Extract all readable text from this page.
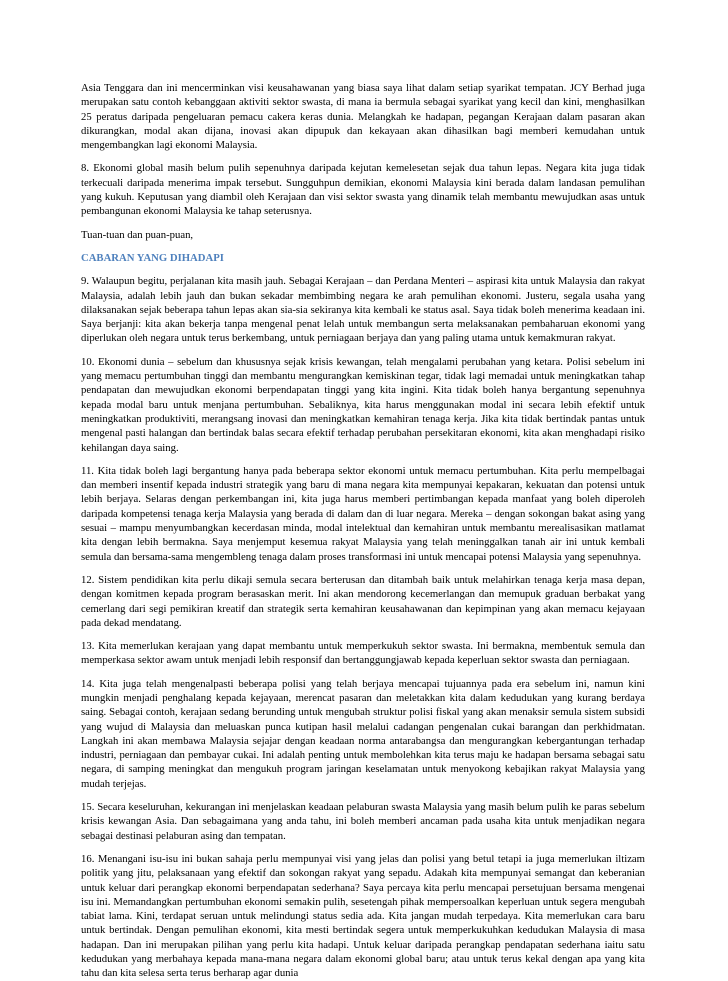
Asia Tenggara dan ini mencerminkan visi keusahawanan yang biasa saya lihat dalam setiap syarikat tempatan. JCY Berhad juga merupakan satu contoh kebanggaan aktiviti sektor swasta, di mana ia bermula sebagai syarikat yang kecil dan kini, menghasilkan 25 peratus daripada pengeluaran pemacu cakera keras dunia. Melangkah ke hadapan, pegangan Kerajaan dalam pasaran akan dikurangkan, modal akan dijana, inovasi akan dipupuk dan kekayaan akan dihasilkan bagi memberi kemudahan untuk mengembangkan lagi ekonomi Malaysia.

8. Ekonomi global masih belum pulih sepenuhnya daripada kejutan kemelesetan sejak dua tahun lepas. Negara kita juga tidak terkecuali daripada menerima impak tersebut. Sungguhpun demikian, ekonomi Malaysia kini berada dalam landasan pemulihan yang kukuh. Keputusan yang diambil oleh Kerajaan dan visi sektor swasta yang dinamik telah membantu mewujudkan asas untuk pembangunan ekonomi Malaysia ke tahap seterusnya.

Tuan-tuan dan puan-puan,

CABARAN YANG DIHADAPI

9. Walaupun begitu, perjalanan kita masih jauh. Sebagai Kerajaan – dan Perdana Menteri – aspirasi kita untuk Malaysia dan rakyat Malaysia, adalah lebih jauh dan bukan sekadar membimbing negara ke arah pemulihan ekonomi. Justeru, segala usaha yang dilaksanakan sejak beberapa tahun lepas akan sia-sia sekiranya kita kembali ke status asal. Saya tidak boleh menerima keadaan ini. Saya berjanji: kita akan bekerja tanpa mengenal penat lelah untuk membangun serta melaksanakan pembaharuan ekonomi yang diperlukan oleh negara untuk terus berkembang, untuk perniagaan berjaya dan yang paling utama untuk kemakmuran rakyat.

10. Ekonomi dunia – sebelum dan khususnya sejak krisis kewangan, telah mengalami perubahan yang ketara. Polisi sebelum ini yang memacu pertumbuhan tinggi dan membantu mengurangkan kemiskinan tegar, tidak lagi memadai untuk meningkatkan tahap pendapatan dan mewujudkan ekonomi berpendapatan tinggi yang kita ingini. Kita tidak boleh hanya bergantung sepenuhnya kepada modal baru untuk menjana pertumbuhan. Sebaliknya, kita harus menggunakan modal ini secara lebih efektif untuk meningkatkan produktiviti, merangsang inovasi dan meningkatkan kemahiran tenaga kerja. Jika kita tidak bertindak pantas untuk mengenal pasti halangan dan bertindak balas secara efektif terhadap perubahan persekitaran ekonomi, kita akan menghadapi risiko kehilangan daya saing.

11. Kita tidak boleh lagi bergantung hanya pada beberapa sektor ekonomi untuk memacu pertumbuhan. Kita perlu mempelbagai dan memberi insentif kepada industri strategik yang baru di mana negara kita mempunyai kepakaran, kekuatan dan potensi untuk lebih berjaya. Selaras dengan perkembangan ini, kita juga harus memberi pertimbangan kepada manfaat yang boleh diperoleh daripada kompetensi tenaga kerja Malaysia yang berada di dalam dan di luar negara. Mereka – dengan sokongan bakat asing yang sesuai – mampu menyumbangkan kecerdasan minda, modal intelektual dan kemahiran untuk membantu merealisasikan matlamat kita dengan lebih bermakna. Saya menjemput kesemua rakyat Malaysia yang telah meninggalkan tanah air ini untuk kembali semula dan bersama-sama mengembleng tenaga dalam proses transformasi ini untuk mencapai potensi Malaysia yang sepenuhnya.

12. Sistem pendidikan kita perlu dikaji semula secara berterusan dan ditambah baik untuk melahirkan tenaga kerja masa depan, dengan komitmen kepada program berasaskan merit. Ini akan mendorong kecemerlangan dan memupuk graduan berbakat yang cemerlang dari segi pemikiran kreatif dan strategik serta kemahiran keusahawanan dan kepimpinan yang akan memacu kejayaan pada dekad mendatang.

13. Kita memerlukan kerajaan yang dapat membantu untuk memperkukuh sektor swasta. Ini bermakna, membentuk semula dan memperkasa sektor awam untuk menjadi lebih responsif dan bertanggungjawab kepada keperluan sektor swasta dan perniagaan.

14. Kita juga telah mengenalpasti beberapa polisi yang telah berjaya mencapai tujuannya pada era sebelum ini, namun kini mungkin menjadi penghalang kepada kejayaan, merencat pasaran dan meletakkan kita dalam kedudukan yang kurang berdaya saing. Sebagai contoh, kerajaan sedang berunding untuk mengubah struktur polisi fiskal yang akan menaksir semula sistem subsidi yang wujud di Malaysia dan meluaskan punca kutipan hasil melalui cadangan pengenalan cukai barangan dan perkhidmatan. Langkah ini akan membawa Malaysia sejajar dengan keadaan norma antarabangsa dan mengurangkan kebergantungan terhadap industri, perniagaan dan pembayar cukai. Ini adalah penting untuk membolehkan kita terus maju ke hadapan bersama sebagai satu negara, di samping meningkat dan mengukuh program jaringan keselamatan untuk menyokong kebajikan rakyat Malaysia yang mudah terjejas.

15. Secara keseluruhan, kekurangan ini menjelaskan keadaan pelaburan swasta Malaysia yang masih belum pulih ke paras sebelum krisis kewangan Asia. Dan sebagaimana yang anda tahu, ini boleh memberi ancaman pada usaha kita untuk menjadikan negara sebagai destinasi pelaburan asing dan tempatan.

16. Menangani isu-isu ini bukan sahaja perlu mempunyai visi yang jelas dan polisi yang betul tetapi ia juga memerlukan iltizam politik yang jitu, pelaksanaan yang efektif dan sokongan rakyat yang sepadu. Adakah kita mempunyai semangat dan keberanian untuk keluar dari perangkap ekonomi berpendapatan sederhana? Saya percaya kita perlu mencapai persetujuan bersama mengenai isu ini. Memandangkan pertumbuhan ekonomi semakin pulih, sesetengah pihak mempersoalkan keperluan untuk segera mengubah tabiat lama. Kini, terdapat seruan untuk melindungi status sedia ada. Kita jangan mudah terpedaya. Kita memerlukan cara baru untuk bertindak. Dengan pemulihan ekonomi, kita mesti bertindak segera untuk memperkukuhkan kedudukan Malaysia di masa hadapan. Dan ini merupakan pilihan yang perlu kita hadapi. Untuk keluar daripada perangkap pendapatan sederhana iaitu satu kedudukan yang merbahaya kepada mana-mana negara dalam ekonomi global baru; atau untuk terus kekal dengan apa yang kita tahu dan kita selesa serta terus berharap agar dunia
